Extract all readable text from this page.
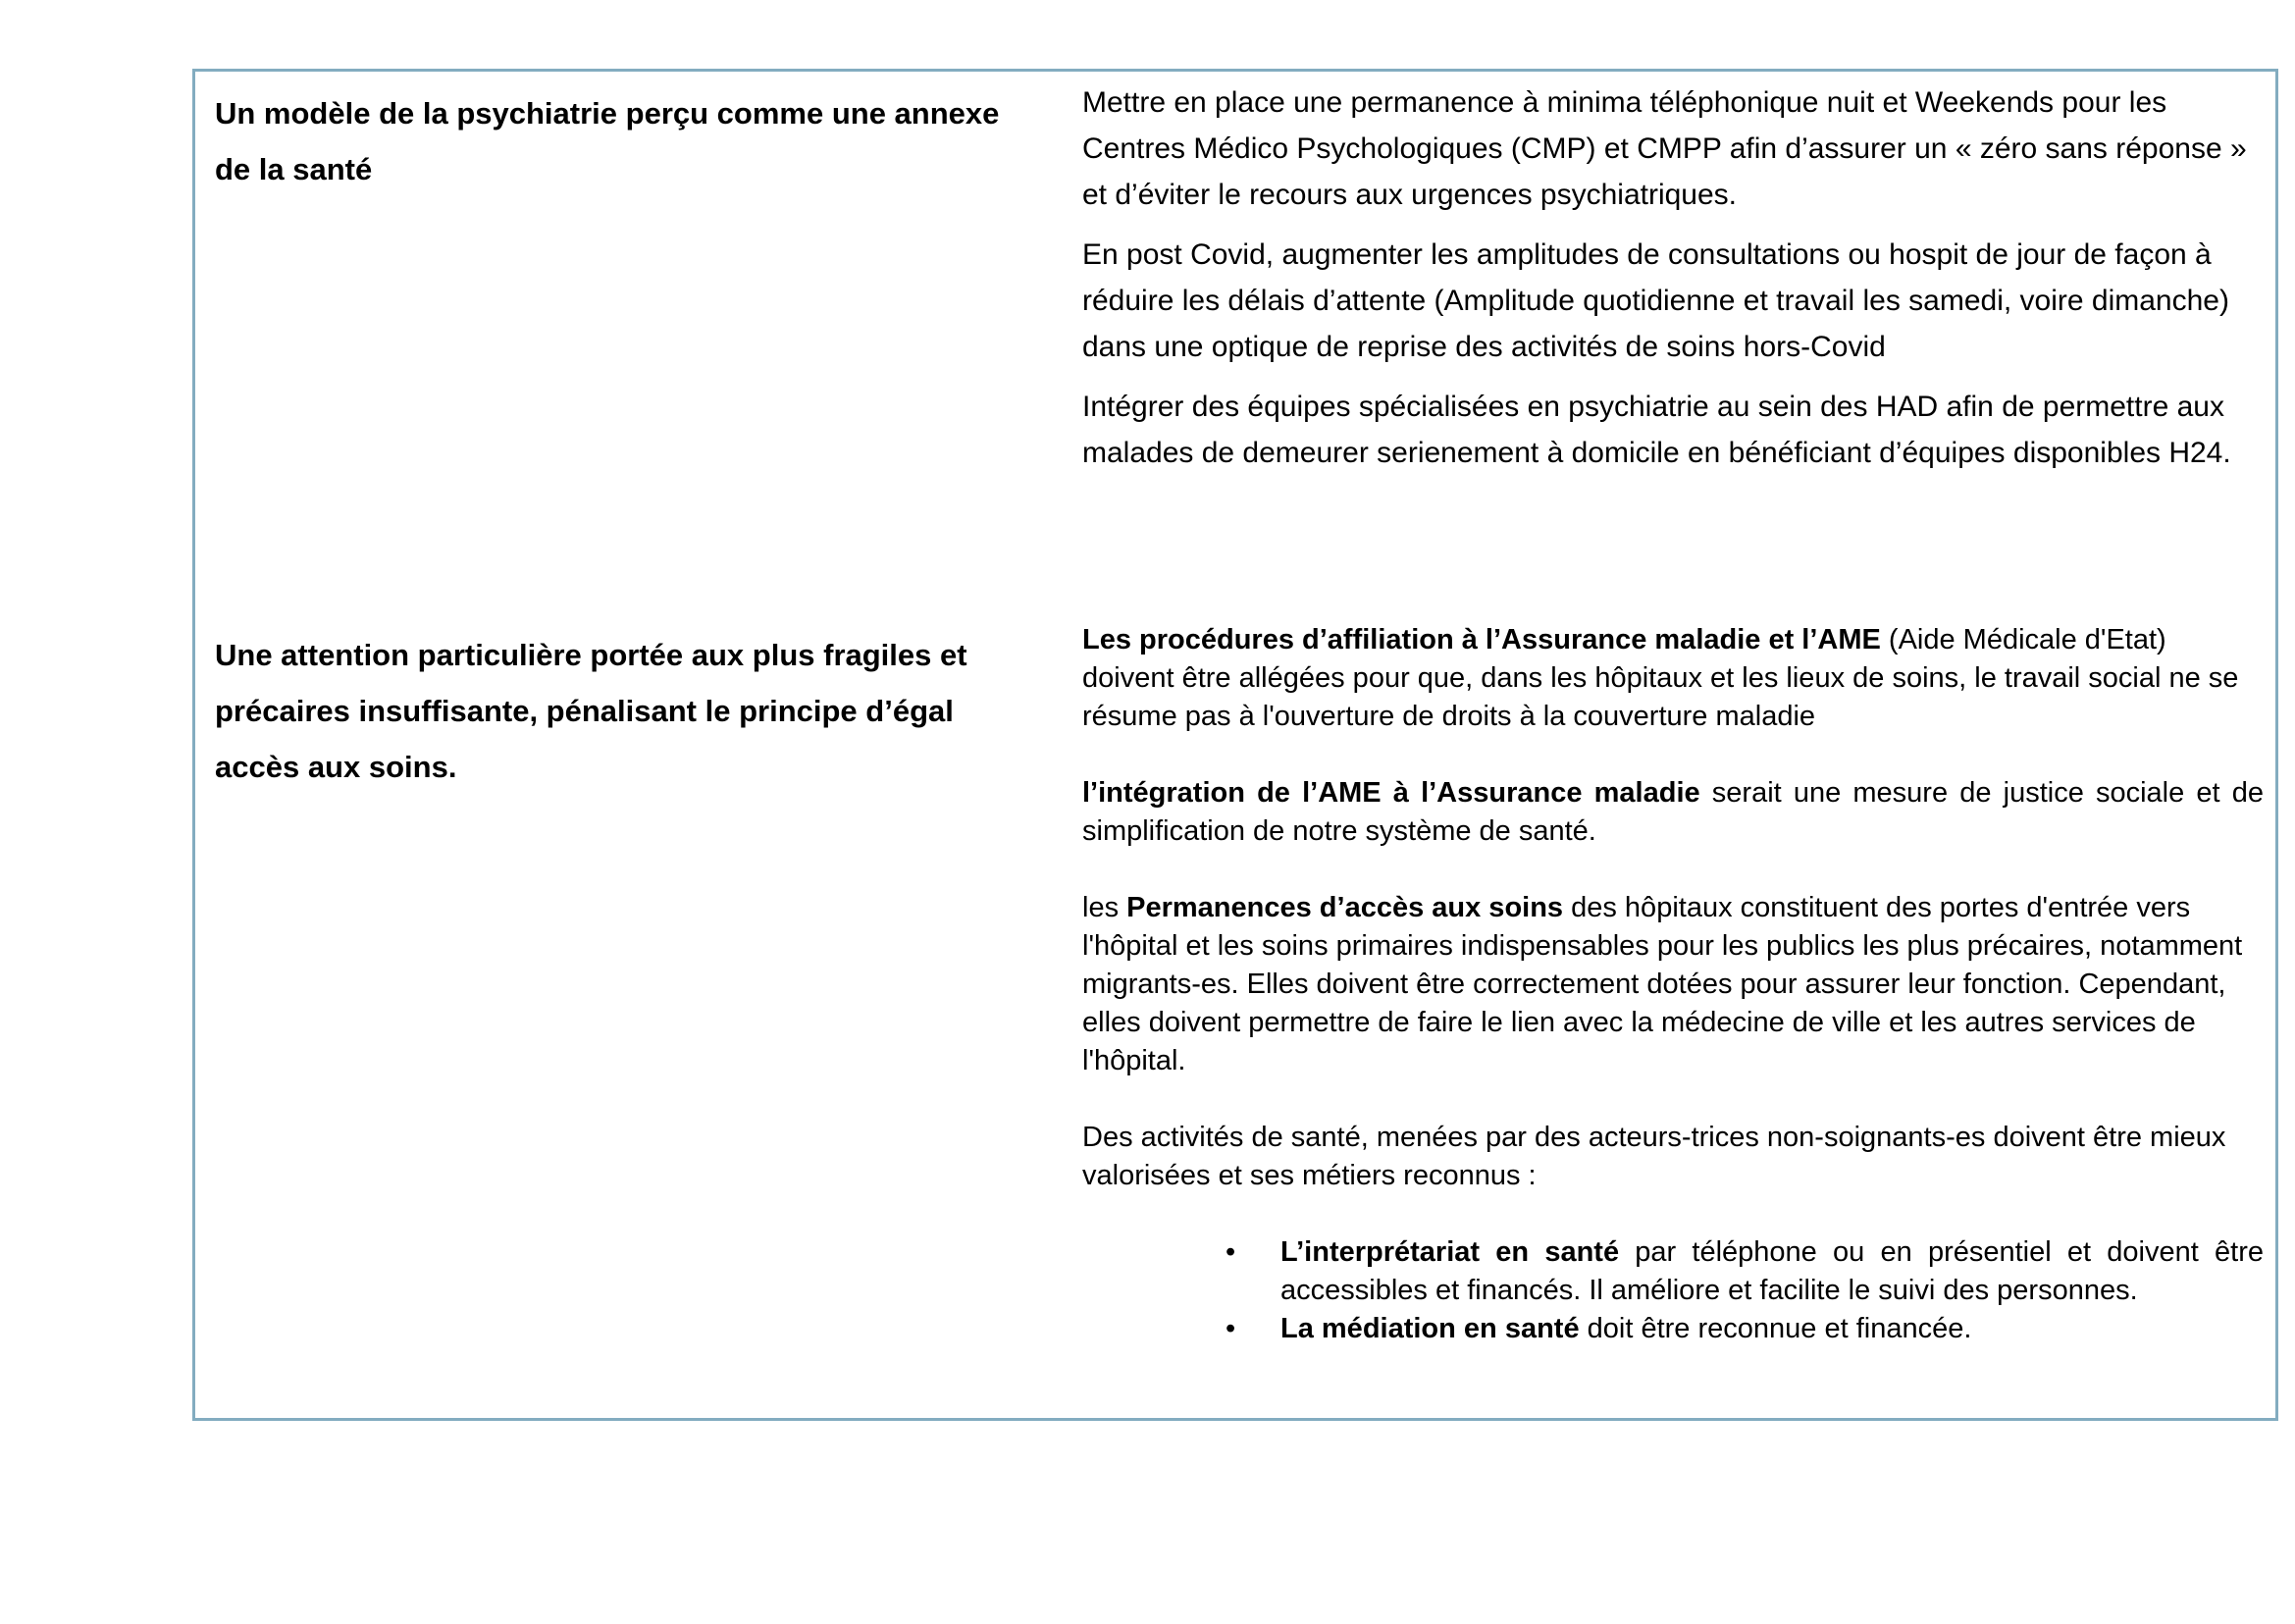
Un modèle de la psychiatrie perçu comme une annexe de la santé

Mettre en place une permanence à minima téléphonique nuit et Weekends pour les Centres Médico Psychologiques (CMP) et CMPP afin d’assurer un « zéro sans réponse » et d’éviter le recours aux urgences psychiatriques.

En post Covid, augmenter les amplitudes de consultations ou hospit de jour de façon à réduire les délais d’attente (Amplitude quotidienne et travail les samedi, voire dimanche) dans une optique de reprise des activités de soins hors-Covid

Intégrer des équipes spécialisées en psychiatrie au sein des HAD afin de permettre aux malades de demeurer serienement à domicile en bénéficiant d’équipes disponibles H24.

Une attention particulière portée aux plus fragiles et précaires insuffisante, pénalisant le principe d’égal accès aux soins.

Les procédures d’affiliation à l’Assurance maladie et l’AME (Aide Médicale d'Etat) doivent être allégées pour que, dans les hôpitaux et les lieux de soins, le travail social ne se résume pas à l'ouverture de droits à la couverture maladie

l’intégration de l’AME à l’Assurance maladie serait une mesure de justice sociale et de simplification de notre système de santé.

les Permanences d’accès aux soins des hôpitaux constituent des portes d'entrée vers l'hôpital et les soins primaires indispensables pour les publics les plus précaires, notamment migrants-es. Elles doivent être correctement dotées pour assurer leur fonction. Cependant, elles doivent permettre de faire le lien avec la médecine de ville et les autres services de l'hôpital.

Des activités de santé, menées par des acteurs-trices non-soignants-es doivent être mieux valorisées et ses métiers reconnus :

•	L’interprétariat en santé par téléphone ou en présentiel et doivent être accessibles et financés. Il améliore et facilite le suivi des personnes.
•	La médiation en santé doit être reconnue et financée.
